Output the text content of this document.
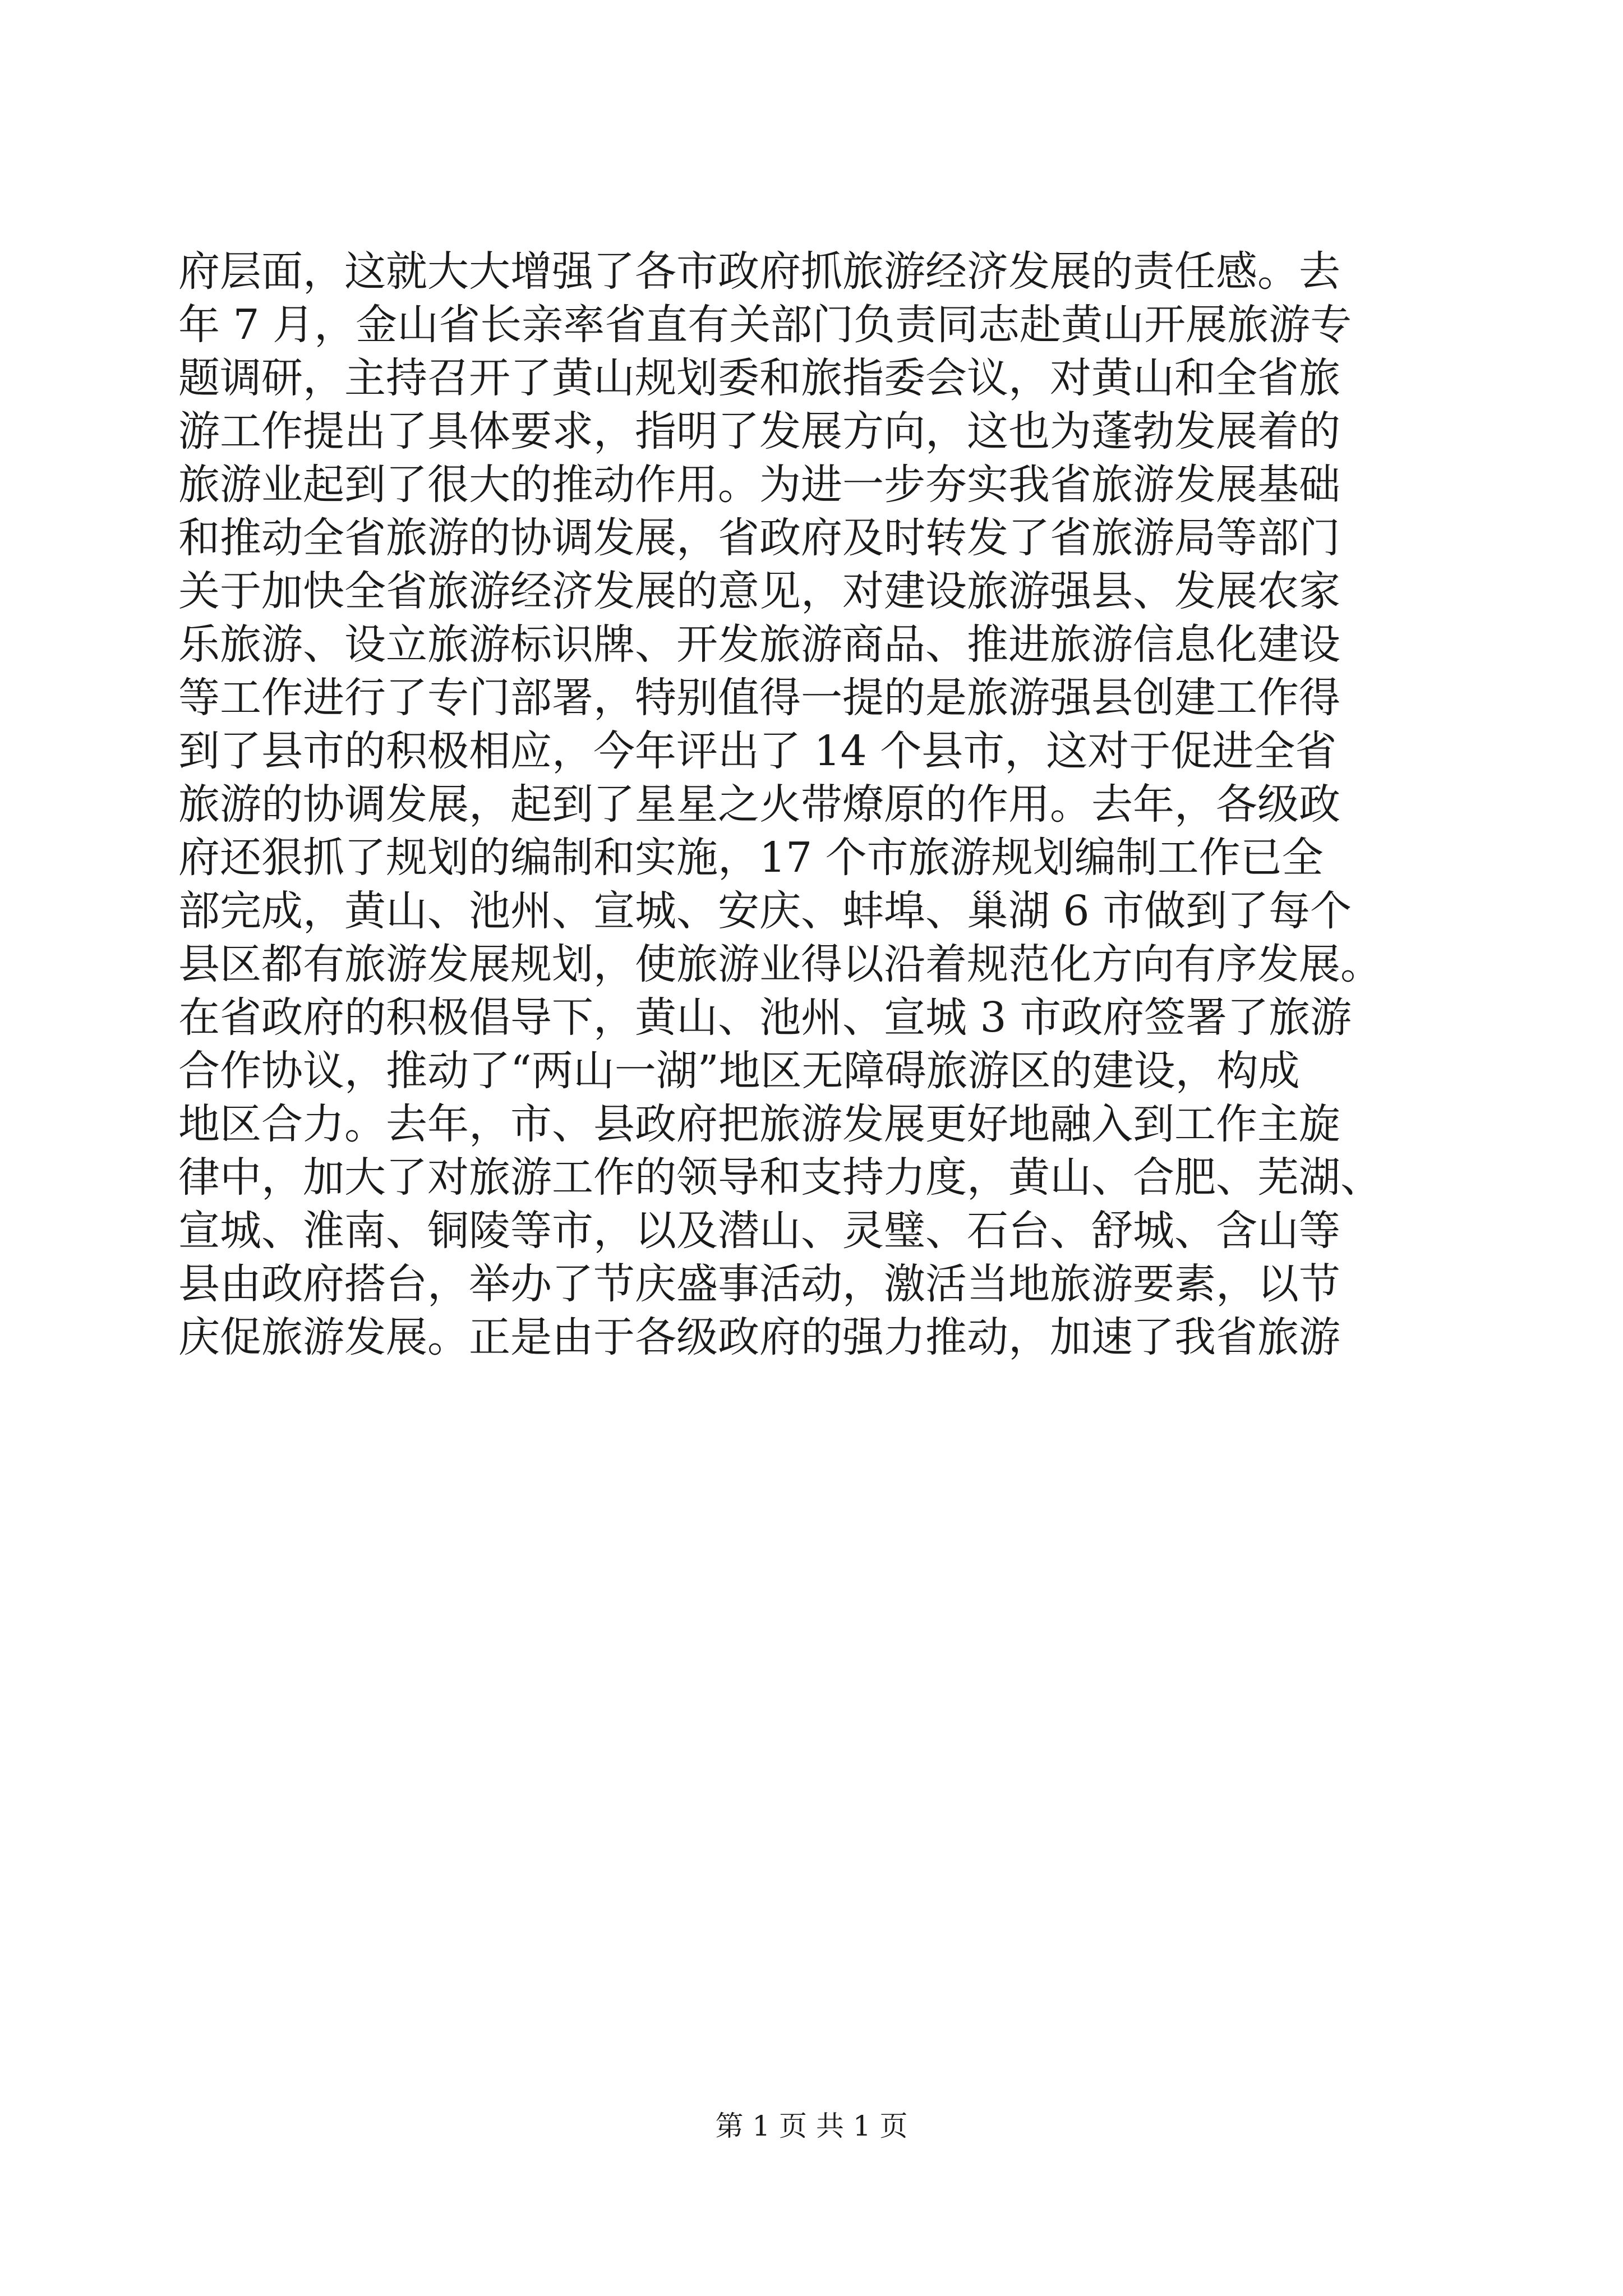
府层面，这就大大增强了各市政府抓旅游经济发展的责任感。去
年 7 月，金山省长亲率省直有关部门负责同志赴黄山开展旅游专
题调研，主持召开了黄山规划委和旅指委会议，对黄山和全省旅
游工作提出了具体要求，指明了发展方向，这也为蓬勃发展着的
旅游业起到了很大的推动作用。为进一步夯实我省旅游发展基础
和推动全省旅游的协调发展，省政府及时转发了省旅游局等部门
关于加快全省旅游经济发展的意见，对建设旅游强县、发展农家
乐旅游、设立旅游标识牌、开发旅游商品、推进旅游信息化建设
等工作进行了专门部署，特别值得一提的是旅游强县创建工作得
到了县市的积极相应，今年评出了 14 个县市，这对于促进全省
旅游的协调发展，起到了星星之火带燎原的作用。去年，各级政
府还狠抓了规划的编制和实施，17 个市旅游规划编制工作已全
部完成，黄山、池州、宣城、安庆、蚌埠、巢湖 6 市做到了每个
县区都有旅游发展规划，使旅游业得以沿着规范化方向有序发展。
在省政府的积极倡导下，黄山、池州、宣城 3 市政府签署了旅游
合作协议，推动了“两山一湖”地区无障碍旅游区的建设，构成
地区合力。去年，市、县政府把旅游发展更好地融入到工作主旋
律中，加大了对旅游工作的领导和支持力度，黄山、合肥、芜湖、
宣城、淮南、铜陵等市，以及潜山、灵璧、石台、舒城、含山等
县由政府搭台，举办了节庆盛事活动，激活当地旅游要素，以节
庆促旅游发展。正是由于各级政府的强力推动，加速了我省旅游
第 1 页 共 1 页
